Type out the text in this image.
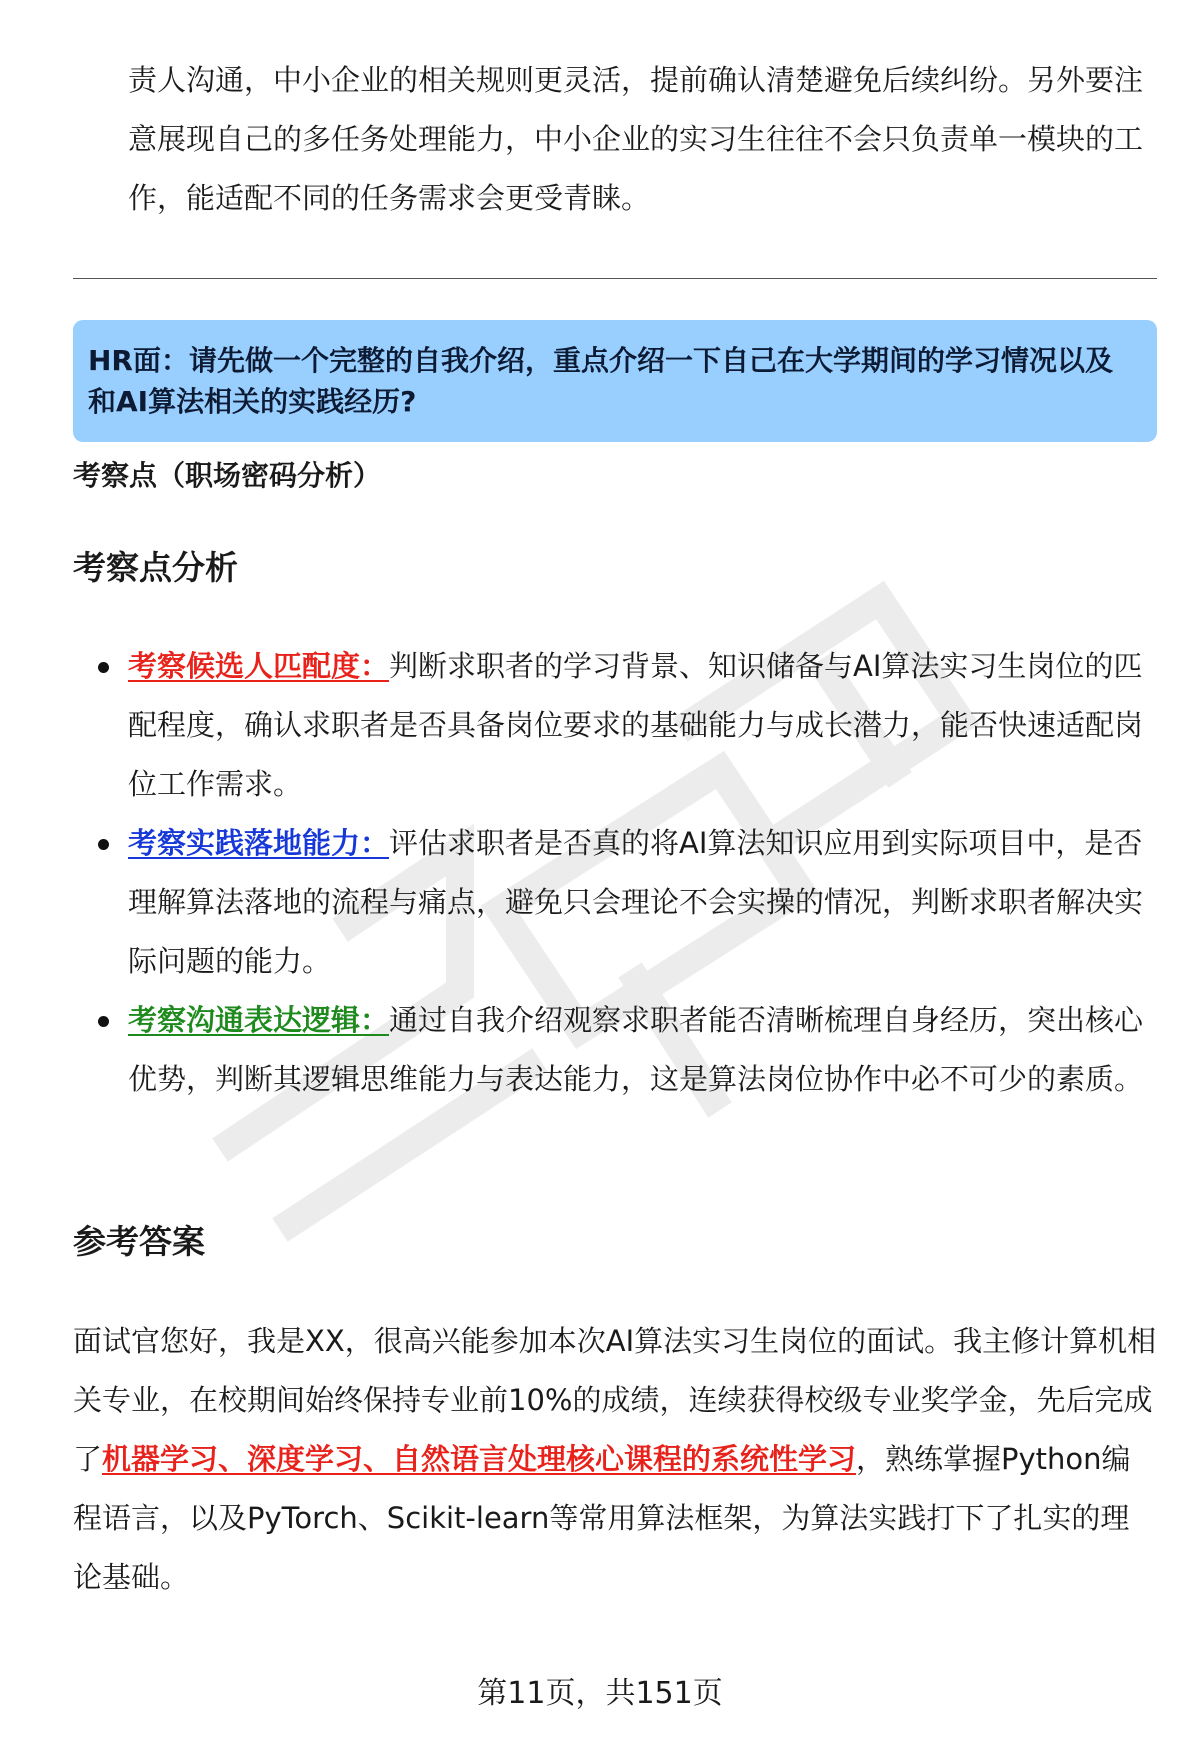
责人沟通，中小企业的相关规则更灵活，提前确认清楚避免后续纠纷。另外要注意展现自己的多任务处理能力，中小企业的实习生往往不会只负责单一模块的工作，能适配不同的任务需求会更受青睐。

HR面：请先做一个完整的自我介绍，重点介绍一下自己在大学期间的学习情况以及和AI算法相关的实践经历?

考察点（职场密码分析）

考察点分析
考察候选人匹配度：判断求职者的学习背景、知识储备与AI算法实习生岗位的匹配程度，确认求职者是否具备岗位要求的基础能力与成长潜力，能否快速适配岗位工作需求。
考察实践落地能力：评估求职者是否真的将AI算法知识应用到实际项目中，是否理解算法落地的流程与痛点，避免只会理论不会实操的情况，判断求职者解决实际问题的能力。
考察沟通表达逻辑：通过自我介绍观察求职者能否清晰梳理自身经历，突出核心优势，判断其逻辑思维能力与表达能力，这是算法岗位协作中必不可少的素质。
参考答案

面试官您好，我是XX，很高兴能参加本次AI算法实习生岗位的面试。我主修计算机相关专业，在校期间始终保持专业前10%的成绩，连续获得校级专业奖学金，先后完成了机器学习、深度学习、自然语言处理核心课程的系统性学习，熟练掌握Python编程语言，以及PyTorch、Scikit-learn等常用算法框架，为算法实践打下了扎实的理论基础。

第11页，共151页
